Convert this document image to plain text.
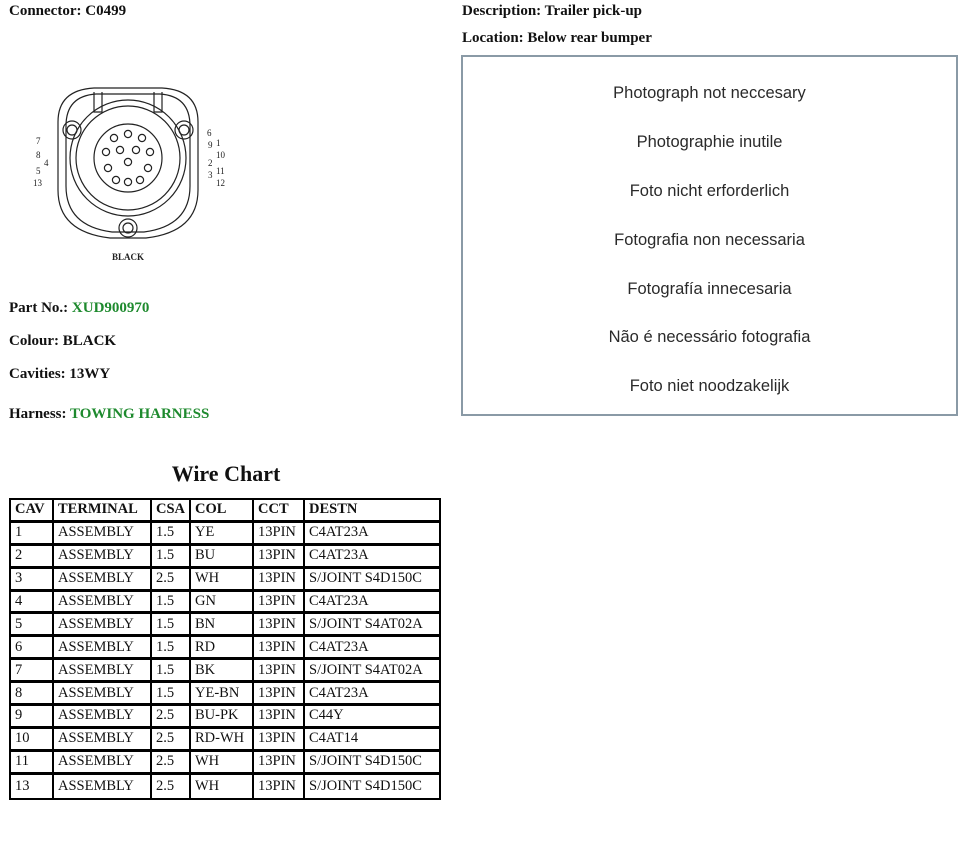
Connector: C0499	Description: Trailer pick-up
Location: Below rear bumper
7
8
4
5
13
6
1
9
10
2
11
3
12
BLACK
Part No.: XUD900970
Colour: BLACK
Cavities: 13WY
Harness: TOWING HARNESS
Photograph not neccesary
Photographie inutile
Foto nicht erforderlich
Fotografia non necessaria
Fotografía innecesaria
Não é necessário fotografia
Foto niet noodzakelijk
Wire Chart
CAV	TERMINAL	CSA	COL	CCT	DESTN
1	ASSEMBLY	1.5	YE	13PIN	C4AT23A
2	ASSEMBLY	1.5	BU	13PIN	C4AT23A
3	ASSEMBLY	2.5	WH	13PIN	S/JOINT S4D150C
4	ASSEMBLY	1.5	GN	13PIN	C4AT23A
5	ASSEMBLY	1.5	BN	13PIN	S/JOINT S4AT02A
6	ASSEMBLY	1.5	RD	13PIN	C4AT23A
7	ASSEMBLY	1.5	BK	13PIN	S/JOINT S4AT02A
8	ASSEMBLY	1.5	YE-BN	13PIN	C4AT23A
9	ASSEMBLY	2.5	BU-PK	13PIN	C44Y
10	ASSEMBLY	2.5	RD-WH	13PIN	C4AT14
11	ASSEMBLY	2.5	WH	13PIN	S/JOINT S4D150C
13	ASSEMBLY	2.5	WH	13PIN	S/JOINT S4D150C
